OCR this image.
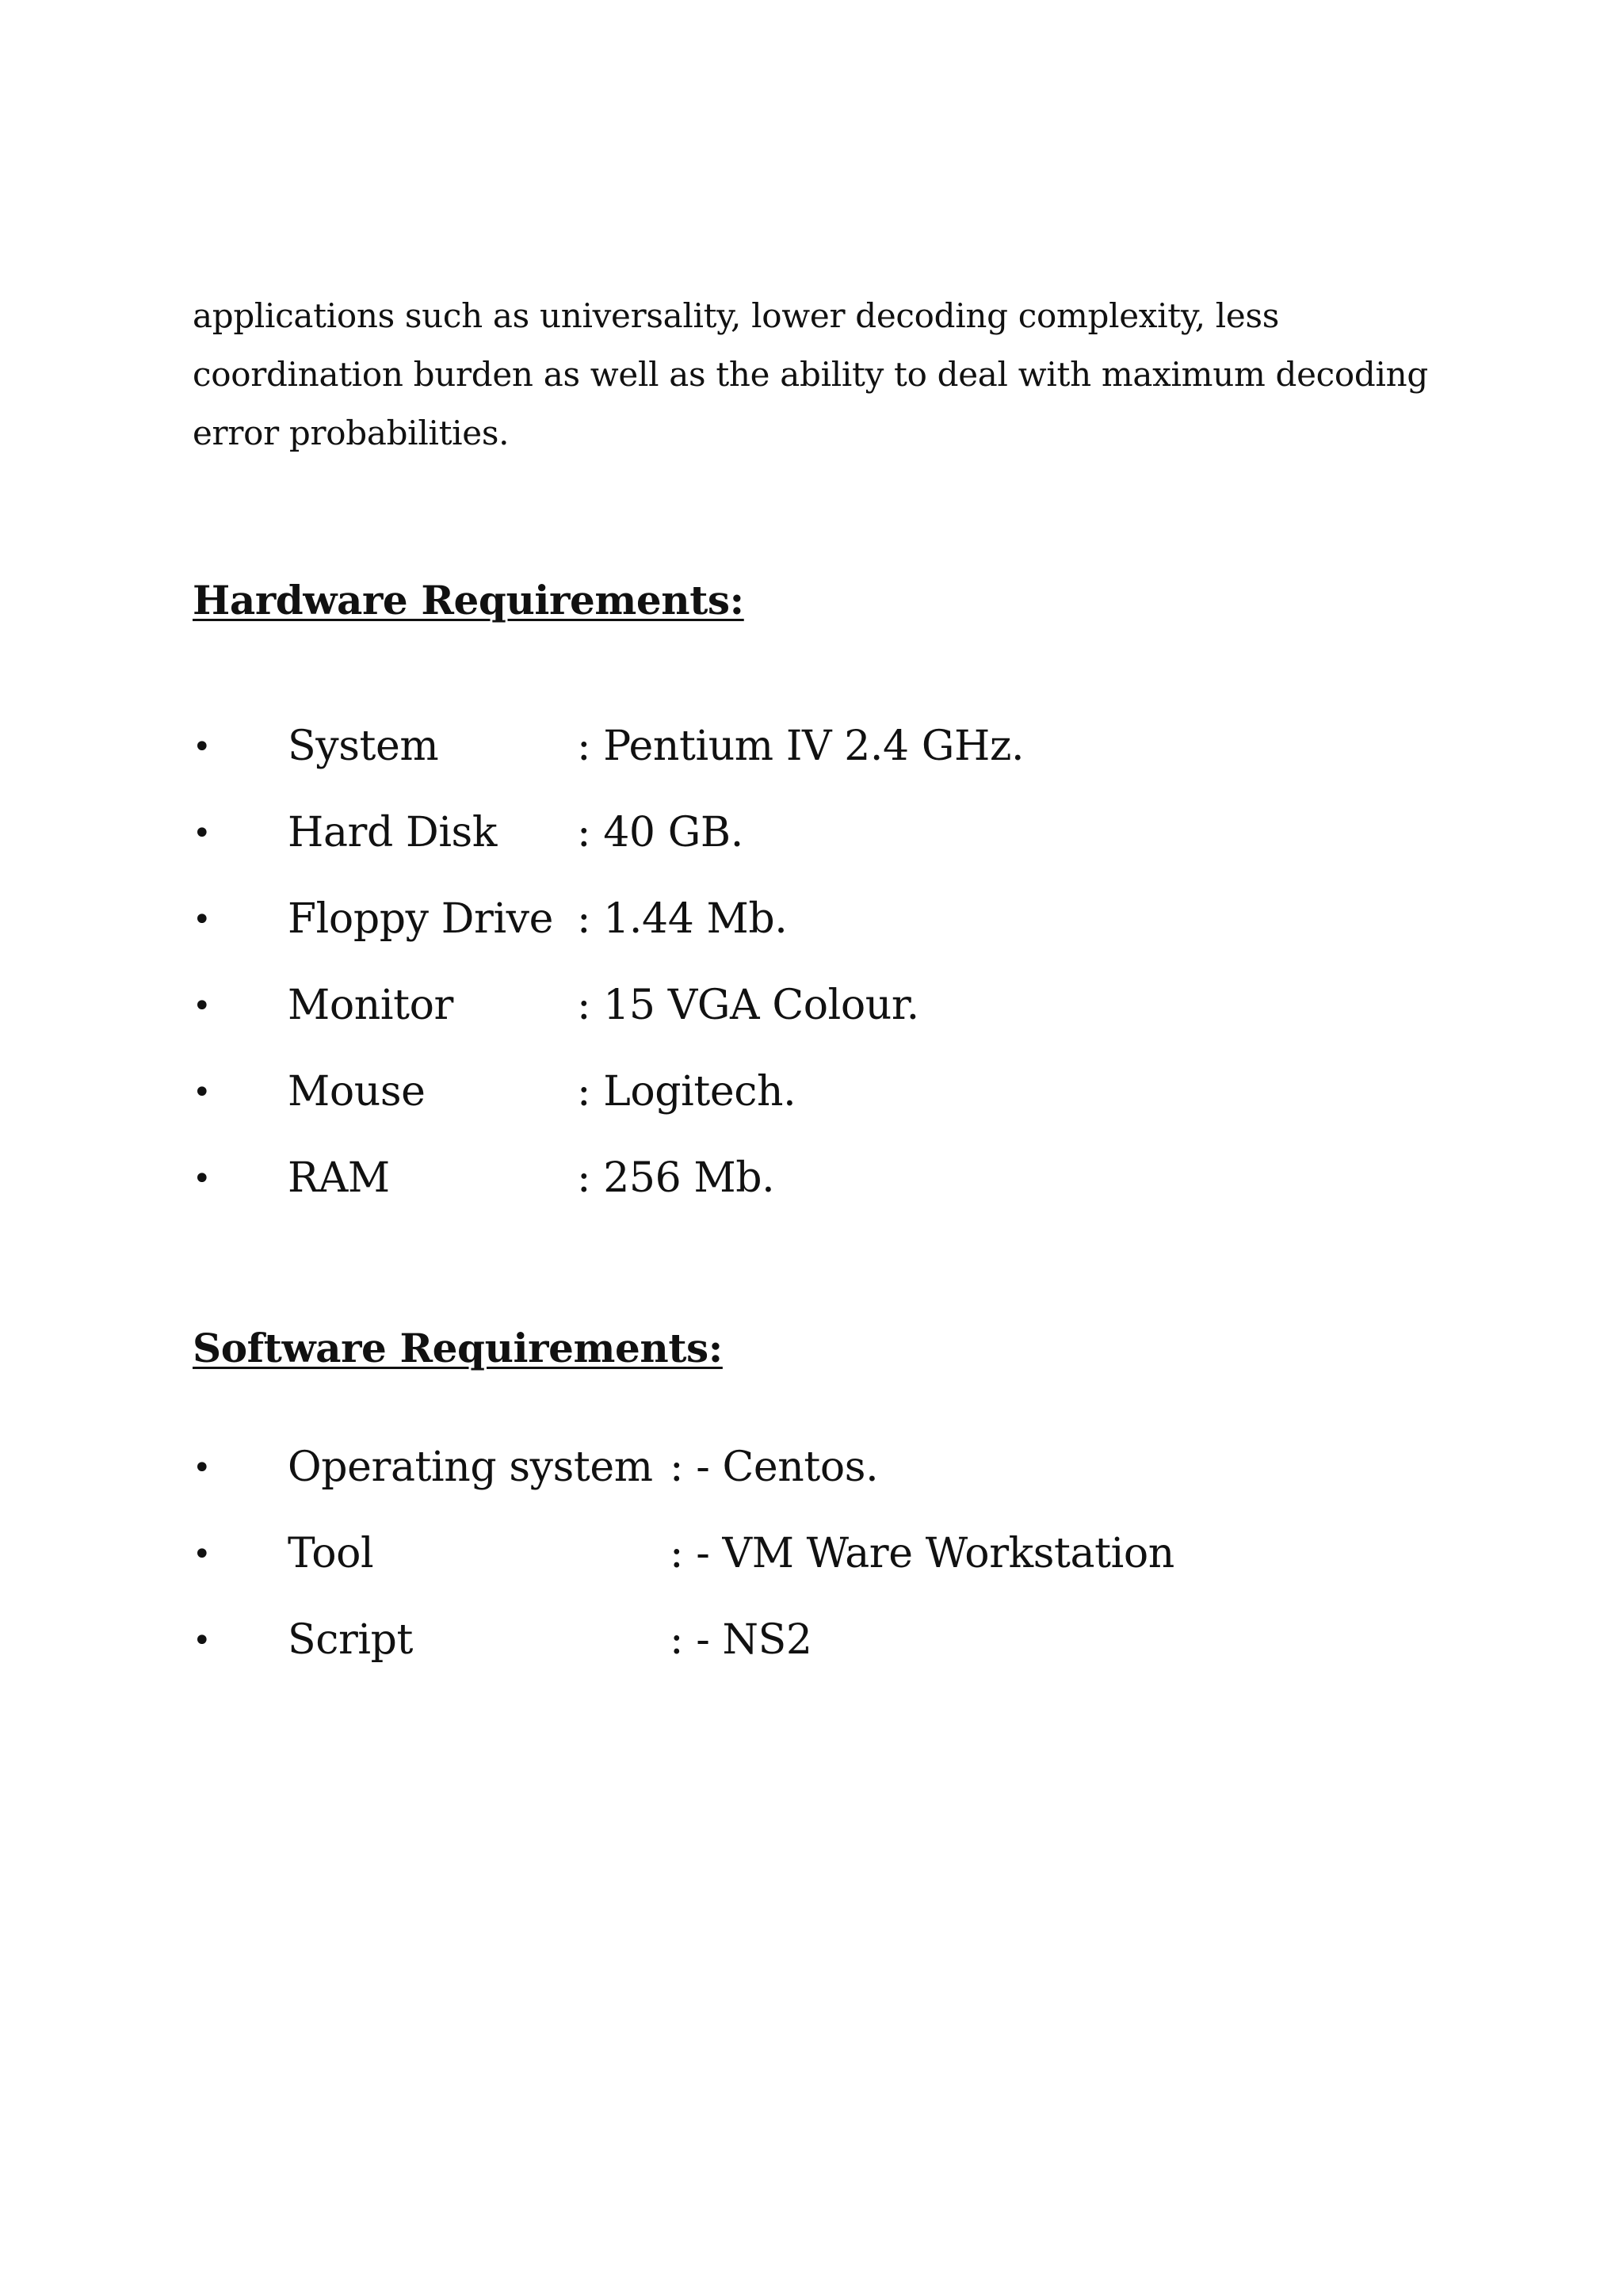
applications such as universality, lower decoding complexity, less
coordination burden as well as the ability to deal with maximum decoding
error probabilities.
Hardware Requirements:
• System	: Pentium IV 2.4 GHz.
• Hard Disk : 40 GB.
• Floppy Drive : 1.44 Mb.
• Monitor	: 15 VGA Colour.
• Mouse	: Logitech.
• RAM	: 256 Mb.
Software Requirements:
• Operating system : - Centos.
• Tool	: - VM Ware Workstation
• Script	: - NS2
